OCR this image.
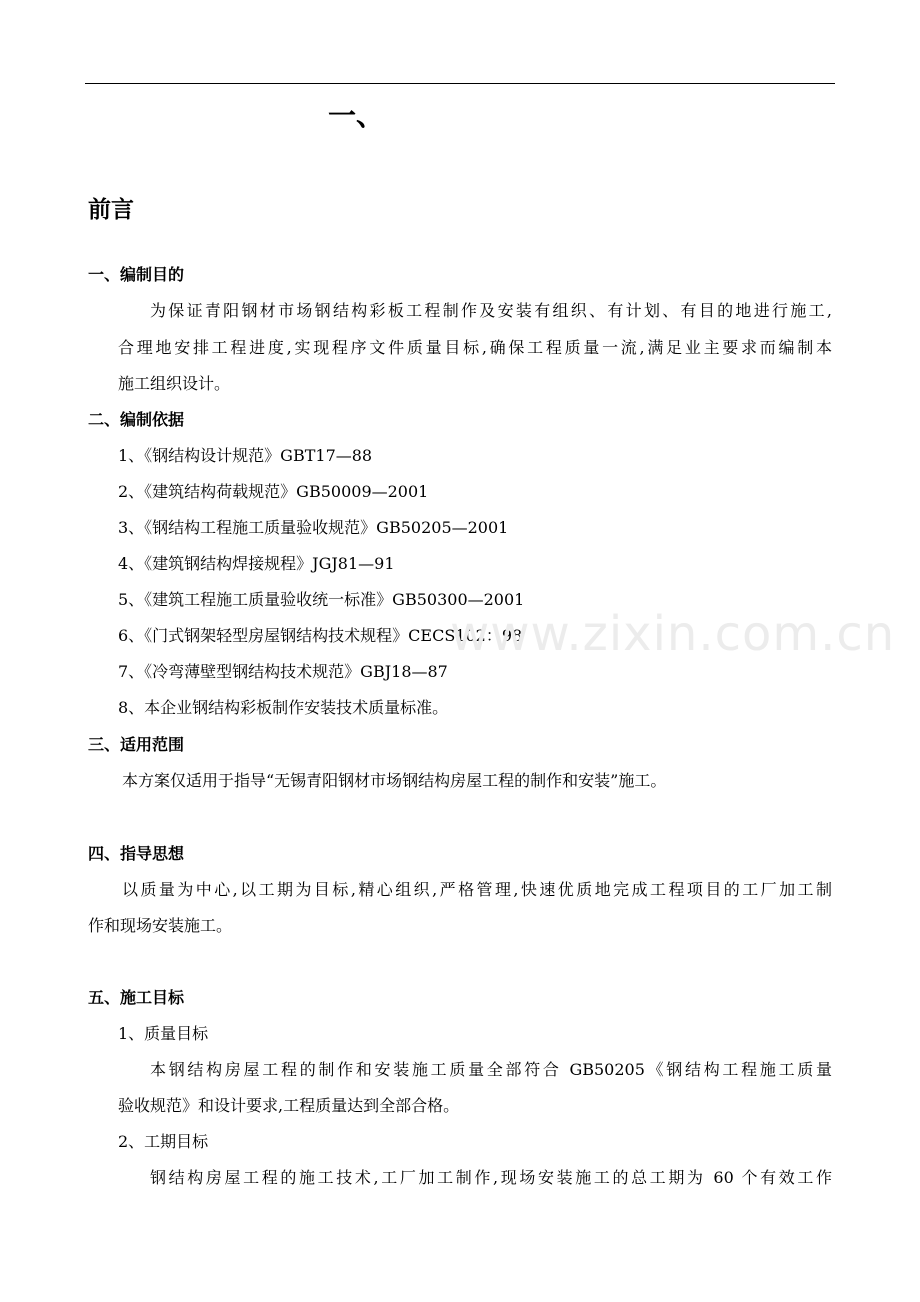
一、
前言
一、编制目的
为保证青阳钢材市场钢结构彩板工程制作及安装有组织、有计划、有目的地进行施工,
合理地安排工程进度,实现程序文件质量目标,确保工程质量一流,满足业主要求而编制本
施工组织设计。
二、编制依据
1、《钢结构设计规范》GBT17—88
2、《建筑结构荷载规范》GB50009—2001
3、《钢结构工程施工质量验收规范》GB50205—2001
4、《建筑钢结构焊接规程》JGJ81—91
5、《建筑工程施工质量验收统一标准》GB50300—2001
6、《门式钢架轻型房屋钢结构技术规程》CECS102：98
7、《冷弯薄壁型钢结构技术规范》GBJ18—87
8、本企业钢结构彩板制作安装技术质量标准。
三、适用范围
本方案仅适用于指导“无锡青阳钢材市场钢结构房屋工程的制作和安装”施工。
四、指导思想
以质量为中心,以工期为目标,精心组织,严格管理,快速优质地完成工程项目的工厂加工制
作和现场安装施工。
五、施工目标
1、质量目标
本钢结构房屋工程的制作和安装施工质量全部符合 GB50205《钢结构工程施工质量
验收规范》和设计要求,工程质量达到全部合格。
2、工期目标
钢结构房屋工程的施工技术,工厂加工制作,现场安装施工的总工期为 60 个有效工作
www.zixin.com.cn
